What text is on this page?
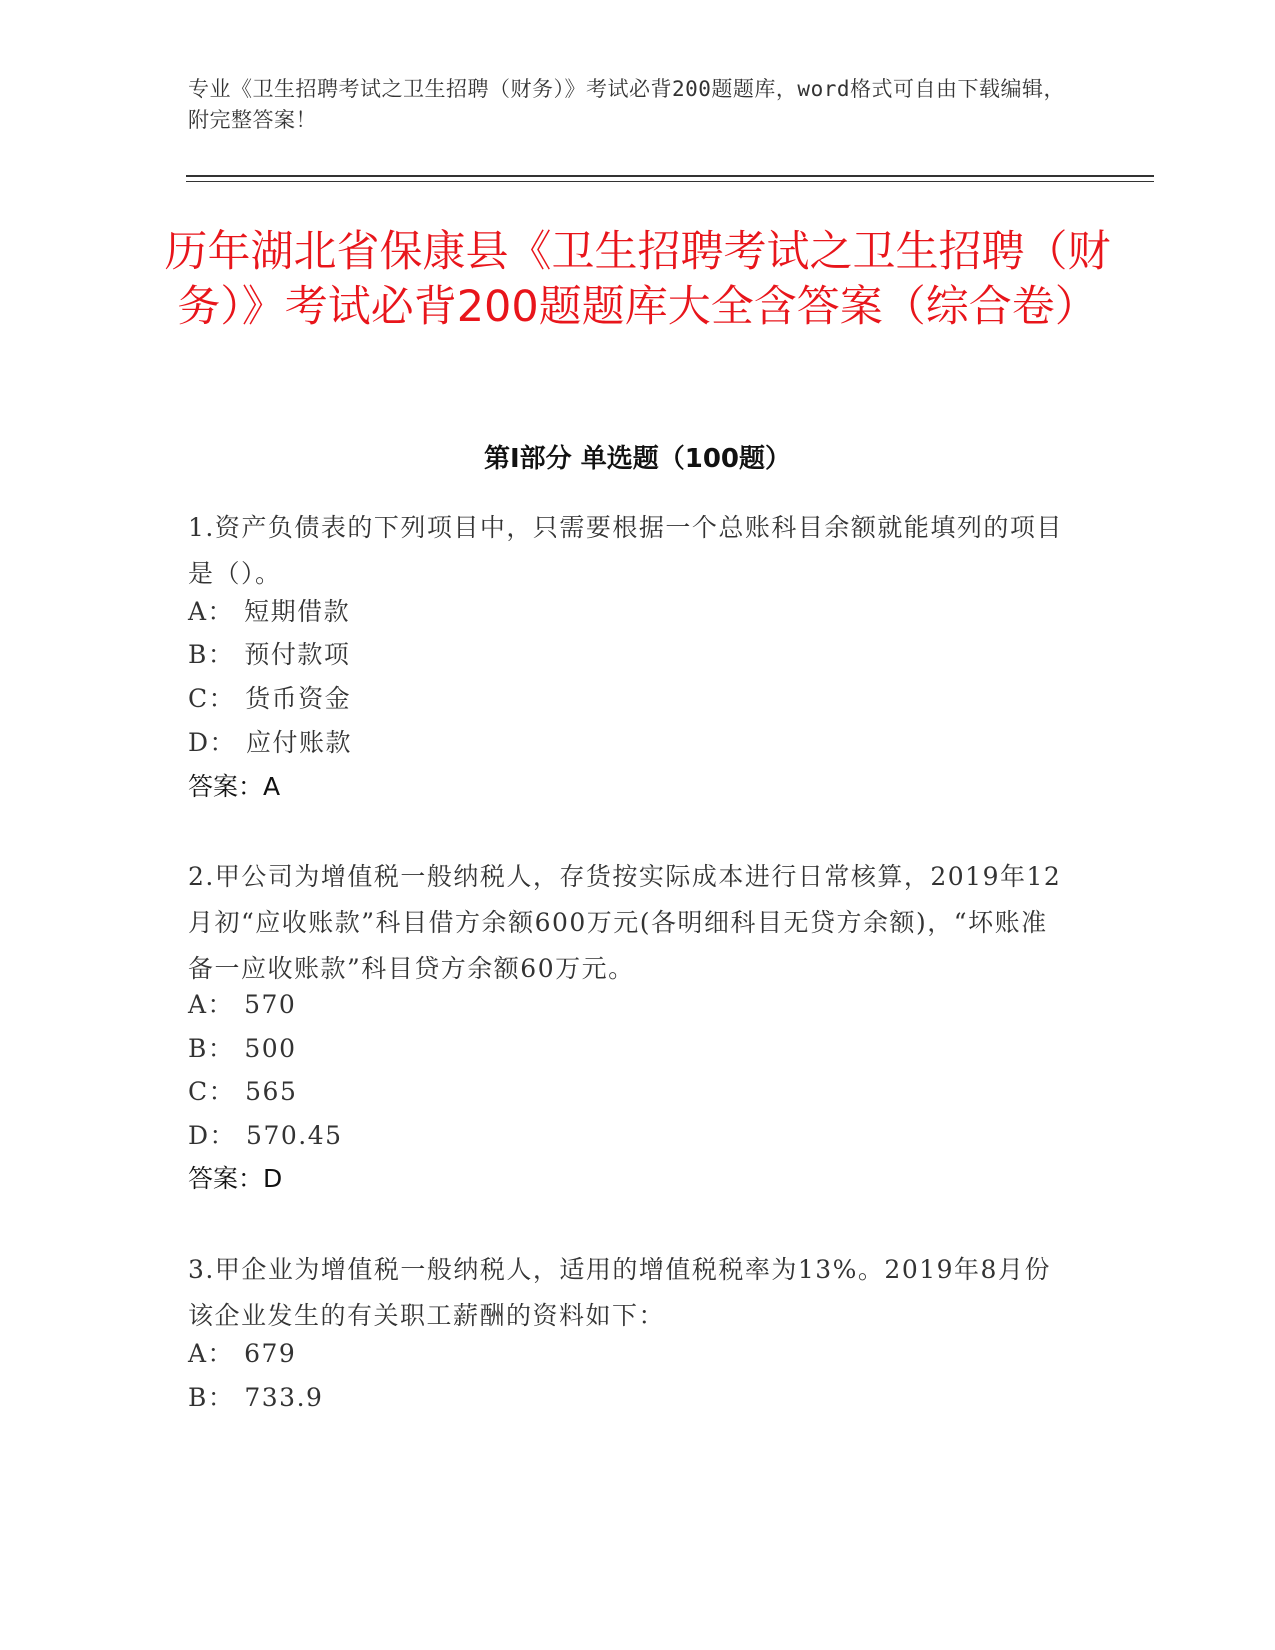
专业《卫生招聘考试之卫生招聘（财务）》考试必背200题题库，word格式可自由下载编辑，附完整答案！
历年湖北省保康县《卫生招聘考试之卫生招聘（财务）》考试必背200题题库大全含答案（综合卷）
第Ⅰ部分 单选题（100题）
1.资产负债表的下列项目中，只需要根据一个总账科目余额就能填列的项目是（）。
A： 短期借款
B： 预付款项
C： 货币资金
D： 应付账款
答案：A
2.甲公司为增值税一般纳税人，存货按实际成本进行日常核算，2019年12月初“应收账款”科目借方余额600万元(各明细科目无贷方余额)，“坏账准备一应收账款”科目贷方余额60万元。
A： 570
B： 500
C： 565
D： 570.45
答案：D
3.甲企业为增值税一般纳税人，适用的增值税税率为13%。2019年8月份该企业发生的有关职工薪酬的资料如下：
A： 679
B： 733.9
